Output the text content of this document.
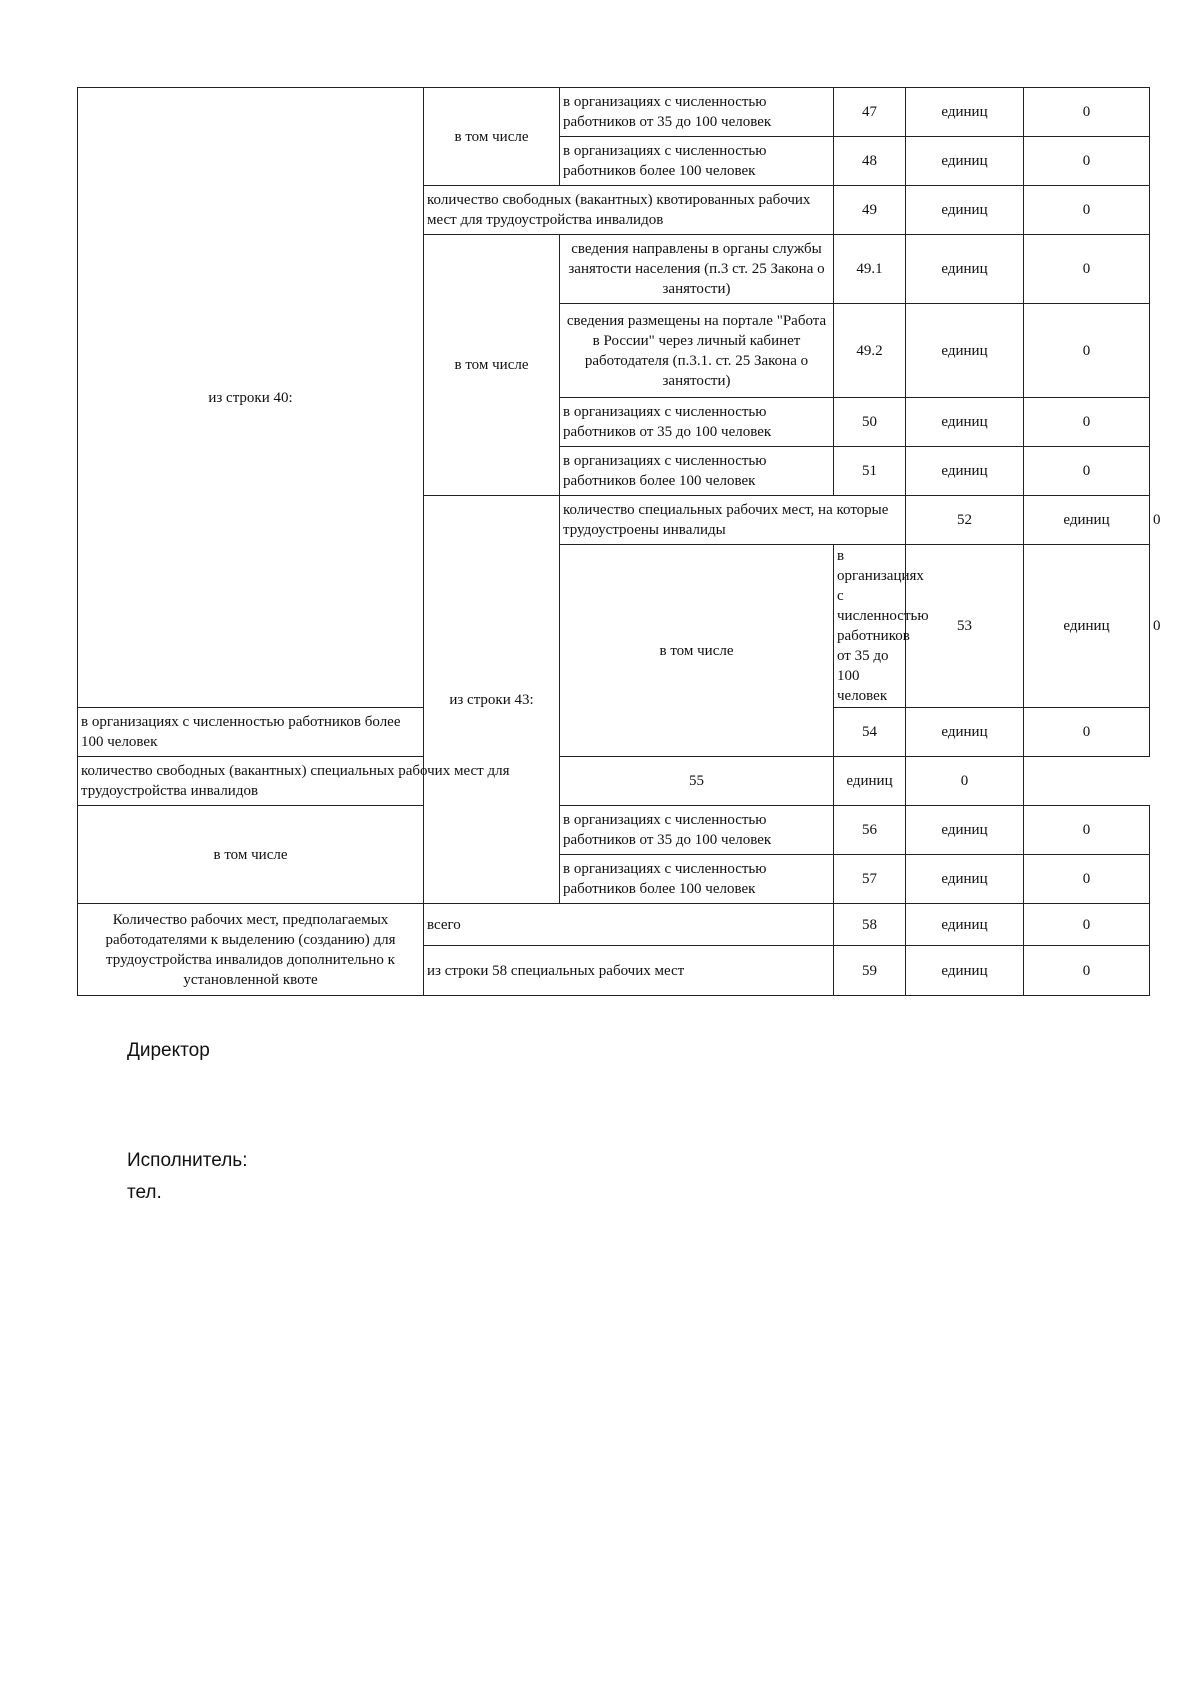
из строки 40:	в том числе	в организациях с численностью работников от 35 до 100 человек	47	единиц	0	
		в организациях с численностью работников более 100 человек	48	единиц	0	
	количество свободных (вакантных) квотированных рабочих мест для трудоустройства инвалидов		49	единиц	0	
	в том числе	сведения направлены в органы службы занятости населения (п.3 ст. 25 Закона о занятости)	49.1	единиц	0	
		сведения размещены на портале "Работа в России" через личный кабинет работодателя (п.3.1. ст. 25 Закона о занятости)	49.2	единиц	0	
		в организациях с численностью работников от 35 до 100 человек	50	единиц	0	
		в организациях с численностью работников более 100 человек	51	единиц	0	
	из строки 43:	количество специальных рабочих мест, на которые трудоустроены инвалиды		52	единиц	0
		в том числе	в организациях с численностью работников от 35 до 100 человек	53	единиц	0
в организациях с численностью работников более 100 человек			54	единиц	0	
количество свободных (вакантных) специальных рабочих мест для трудоустройства инвалидов		55	единиц	0		
в том числе		в организациях с численностью работников от 35 до 100 человек	56	единиц	0	
		в организациях с численностью работников более 100 человек	57	единиц	0	
Количество рабочих мест, предполагаемых работодателями к выделению (созданию) для трудоустройства инвалидов дополнительно к установленной квоте	всего		58	единиц	0	
	из строки 58 специальных рабочих мест		59	единиц	0	
Директор
Исполнитель:
тел.
